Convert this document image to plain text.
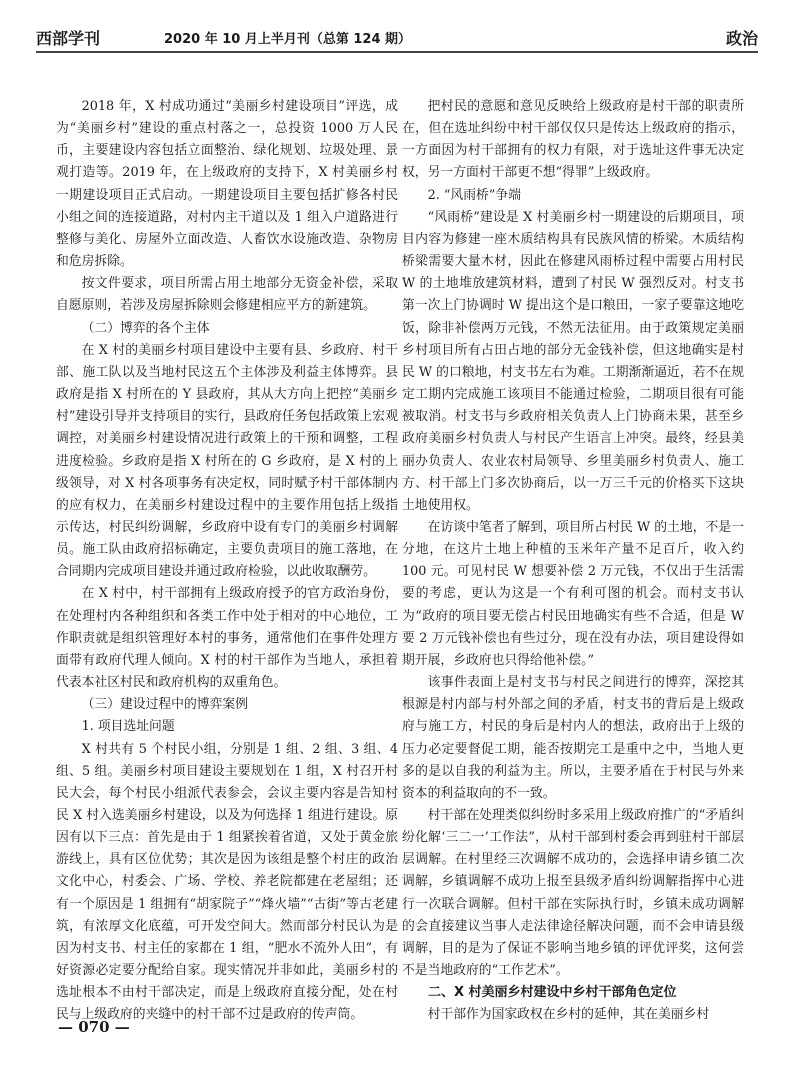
西部学刊	2020 年 10 月上半月刊（总第 124 期）	政治

2018 年，X 村成功通过“美丽乡村建设项目”评选，成为“美丽乡村”建设的重点村落之一，总投资 1000 万人民币，主要建设内容包括立面整治、绿化规划、垃圾处理、景观打造等。2019 年，在上级政府的支持下，X 村美丽乡村一期建设项目正式启动。一期建设项目主要包括扩修各村民小组之间的连接道路，对村内主干道以及 1 组入户道路进行整修与美化、房屋外立面改造、人畜饮水设施改造、杂物房和危房拆除。

按文件要求，项目所需占用土地部分无资金补偿，采取自愿原则，若涉及房屋拆除则会修建相应平方的新建筑。

（二）博弈的各个主体

在 X 村的美丽乡村项目建设中主要有县、乡政府、村干部、施工队以及当地村民这五个主体涉及利益主体博弈。县政府是指 X 村所在的 Y 县政府，其从大方向上把控“美丽乡村”建设引导并支持项目的实行，县政府任务包括政策上宏观调控，对美丽乡村建设情况进行政策上的干预和调整，工程进度检验。乡政府是指 X 村所在的 G 乡政府，是 X 村的上级领导，对 X 村各项事务有决定权，同时赋予村干部体制内的应有权力，在美丽乡村建设过程中的主要作用包括上级指示传达，村民纠纷调解，乡政府中设有专门的美丽乡村调解员。施工队由政府招标确定，主要负责项目的施工落地，在合同期内完成项目建设并通过政府检验，以此收取酬劳。

在 X 村中，村干部拥有上级政府授予的官方政治身份，在处理村内各种组织和各类工作中处于相对的中心地位，工作职责就是组织管理好本村的事务，通常他们在事件处理方面带有政府代理人倾向。X 村的村干部作为当地人，承担着代表本社区村民和政府机构的双重角色。

（三）建设过程中的博弈案例

1. 项目选址问题

X 村共有 5 个村民小组，分别是 1 组、2 组、3 组、4 组、5 组。美丽乡村项目建设主要规划在 1 组，X 村召开村民大会，每个村民小组派代表参会，会议主要内容是告知村民 X 村入选美丽乡村建设，以及为何选择 1 组进行建设。原因有以下三点：首先是由于 1 组紧挨着省道，又处于黄金旅游线上，具有区位优势；其次是因为该组是整个村庄的政治文化中心，村委会、广场、学校、养老院都建在老屋组；还有一个原因是 1 组拥有“胡家院子”“烽火墙”“古街”等古老建筑，有浓厚文化底蕴，可开发空间大。然而部分村民认为是因为村支书、村主任的家都在 1 组，“肥水不流外人田”，有好资源必定要分配给自家。现实情况并非如此，美丽乡村的选址根本不由村干部决定，而是上级政府直接分配，处在村民与上级政府的夹缝中的村干部不过是政府的传声筒。

把村民的意愿和意见反映给上级政府是村干部的职责所在，但在选址纠纷中村干部仅仅只是传达上级政府的指示，一方面因为村干部拥有的权力有限，对于选址这件事无决定权，另一方面村干部更不想“得罪”上级政府。

2. “风雨桥”争端

“风雨桥”建设是 X 村美丽乡村一期建设的后期项目，项目内容为修建一座木质结构具有民族风情的桥梁。木质结构桥梁需要大量木材，因此在修建风雨桥过程中需要占用村民 W 的土地堆放建筑材料，遭到了村民 W 强烈反对。村支书第一次上门协调时 W 提出这个是口粮田，一家子要靠这地吃饭，除非补偿两万元钱，不然无法征用。由于政策规定美丽乡村项目所有占田占地的部分无金钱补偿，但这地确实是村民 W 的口粮地，村支书左右为难。工期渐渐逼近，若不在规定工期内完成施工该项目不能通过检验，二期项目很有可能被取消。村支书与乡政府相关负责人上门协商未果，甚至乡政府美丽乡村负责人与村民产生语言上冲突。最终，经县美丽办负责人、农业农村局领导、乡里美丽乡村负责人、施工方、村干部上门多次协商后，以一万三千元的价格买下这块土地使用权。

在访谈中笔者了解到，项目所占村民 W 的土地，不是一分地，在这片土地上种植的玉米年产量不足百斤，收入约 100 元。可见村民 W 想要补偿 2 万元钱，不仅出于生活需要的考虑，更认为这是一个有利可图的机会。而村支书认为“政府的项目要无偿占村民田地确实有些不合适，但是 W 要 2 万元钱补偿也有些过分，现在没有办法，项目建设得如期开展，乡政府也只得给他补偿。”

该事件表面上是村支书与村民之间进行的博弈，深挖其根源是村内部与村外部之间的矛盾，村支书的背后是上级政府与施工方，村民的身后是村内人的想法，政府出于上级的压力必定要督促工期，能否按期完工是重中之中，当地人更多的是以自我的利益为主。所以，主要矛盾在于村民与外来资本的利益取向的不一致。

村干部在处理类似纠纷时多采用上级政府推广的“矛盾纠纷化解‘三二一’工作法”，从村干部到村委会再到驻村干部层层调解。在村里经三次调解不成功的，会选择申请乡镇二次调解，乡镇调解不成功上报至县级矛盾纠纷调解指挥中心进行一次联合调解。但村干部在实际执行时，乡镇未成功调解的会直接建议当事人走法律途径解决问题，而不会申请县级调解，目的是为了保证不影响当地乡镇的评优评奖，这何尝不是当地政府的“工作艺术”。

二、X 村美丽乡村建设中乡村干部角色定位

村干部作为国家政权在乡村的延伸，其在美丽乡村

— 070 —
